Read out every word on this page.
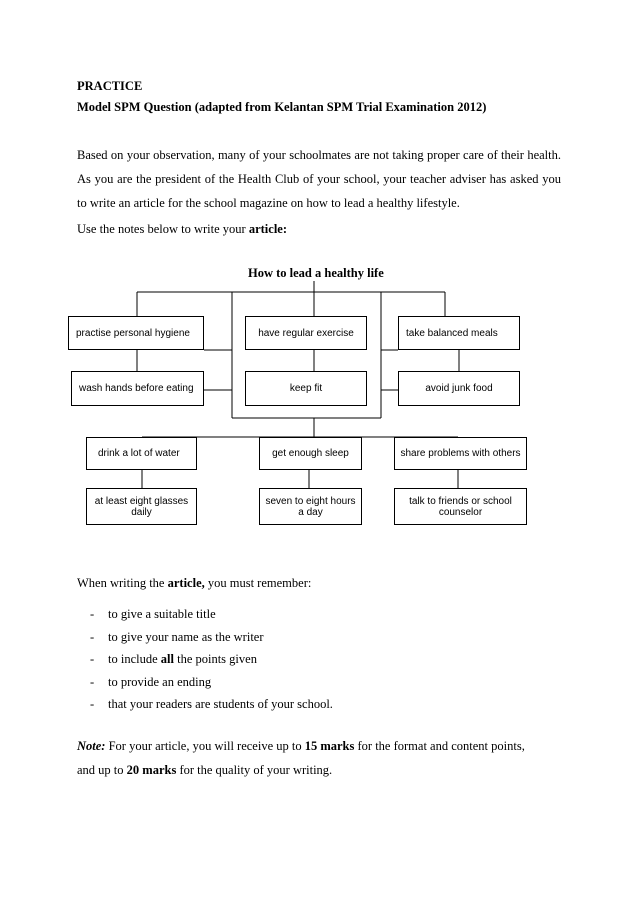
PRACTICE
Model SPM Question (adapted from Kelantan SPM Trial Examination 2012)
Based on your observation, many of your schoolmates are not taking proper care of their health. As you are the president of the Health Club of your school, your teacher adviser has asked you to write an article for the school magazine on how to lead a healthy lifestyle.
Use the notes below to write your article:
How to lead a healthy life
practise personal hygiene	have regular exercise	take balanced meals
wash hands before eating	keep fit	avoid junk food
drink a lot of water	get enough sleep	share problems with others
at least eight glasses
daily
seven to eight hours
a day
talk to friends or school
counselor
When writing the article, you must remember:
- to give a suitable title
- to give your name as the writer
- to include all the points given
- to provide an ending
- that your readers are students of your school.
Note: For your article, you will receive up to 15 marks for the format and content points,
and up to 20 marks for the quality of your writing.
